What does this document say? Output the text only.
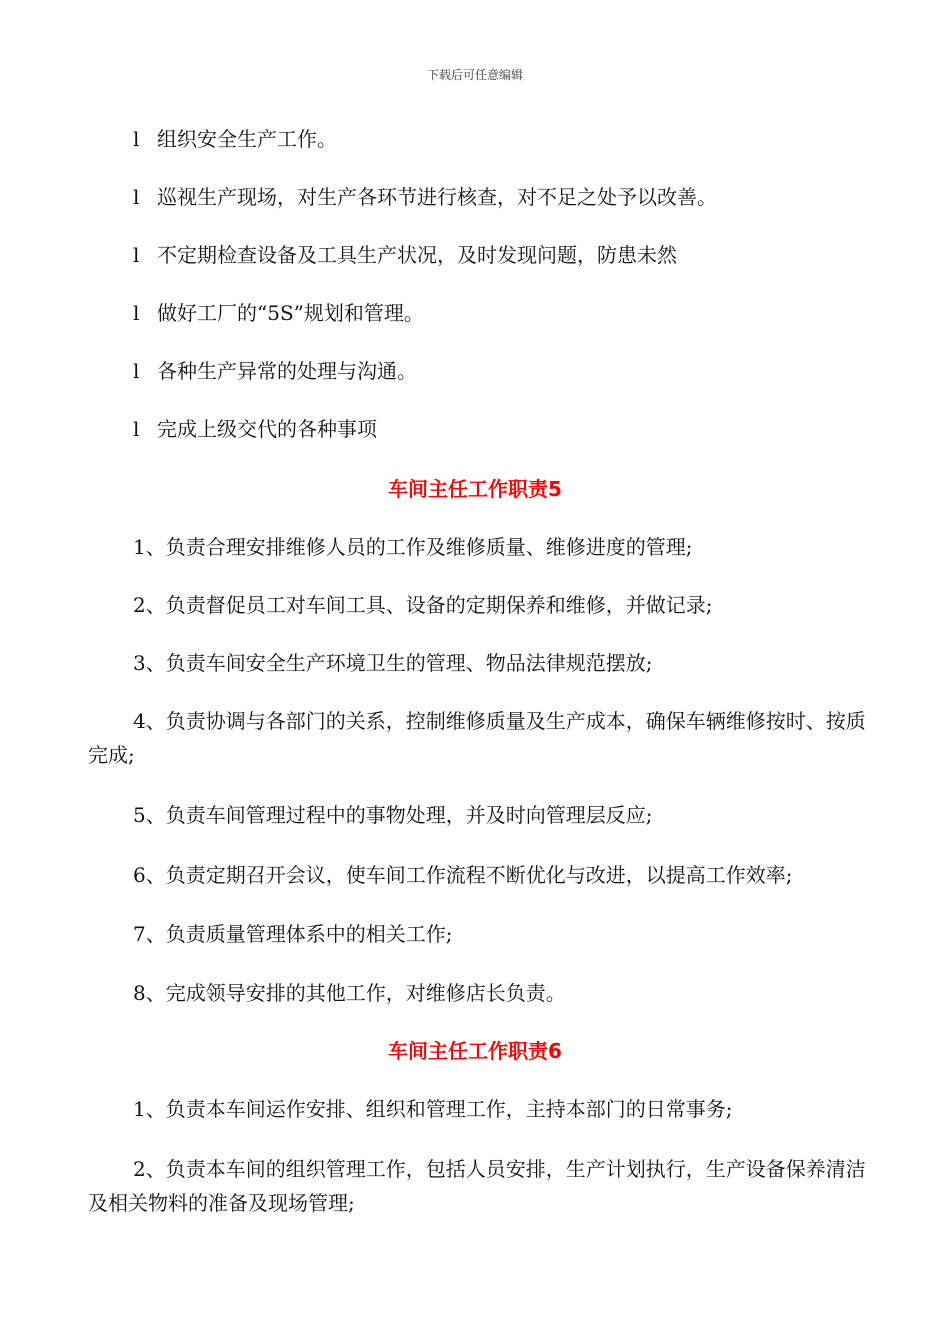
下载后可任意编辑
l 组织安全生产工作。
l 巡视生产现场，对生产各环节进行核查，对不足之处予以改善。
l 不定期检查设备及工具生产状况，及时发现问题，防患未然
l 做好工厂的“5S”规划和管理。
l 各种生产异常的处理与沟通。
l 完成上级交代的各种事项
车间主任工作职责5
1、负责合理安排维修人员的工作及维修质量、维修进度的管理;
2、负责督促员工对车间工具、设备的定期保养和维修，并做记录;
3、负责车间安全生产环境卫生的管理、物品法律规范摆放;
4、负责协调与各部门的关系，控制维修质量及生产成本，确保车辆维修按时、按质完成;
5、负责车间管理过程中的事物处理，并及时向管理层反应;
6、负责定期召开会议，使车间工作流程不断优化与改进，以提高工作效率;
7、负责质量管理体系中的相关工作;
8、完成领导安排的其他工作，对维修店长负责。
车间主任工作职责6
1、负责本车间运作安排、组织和管理工作，主持本部门的日常事务;
2、负责本车间的组织管理工作，包括人员安排，生产计划执行，生产设备保养清洁及相关物料的准备及现场管理;
